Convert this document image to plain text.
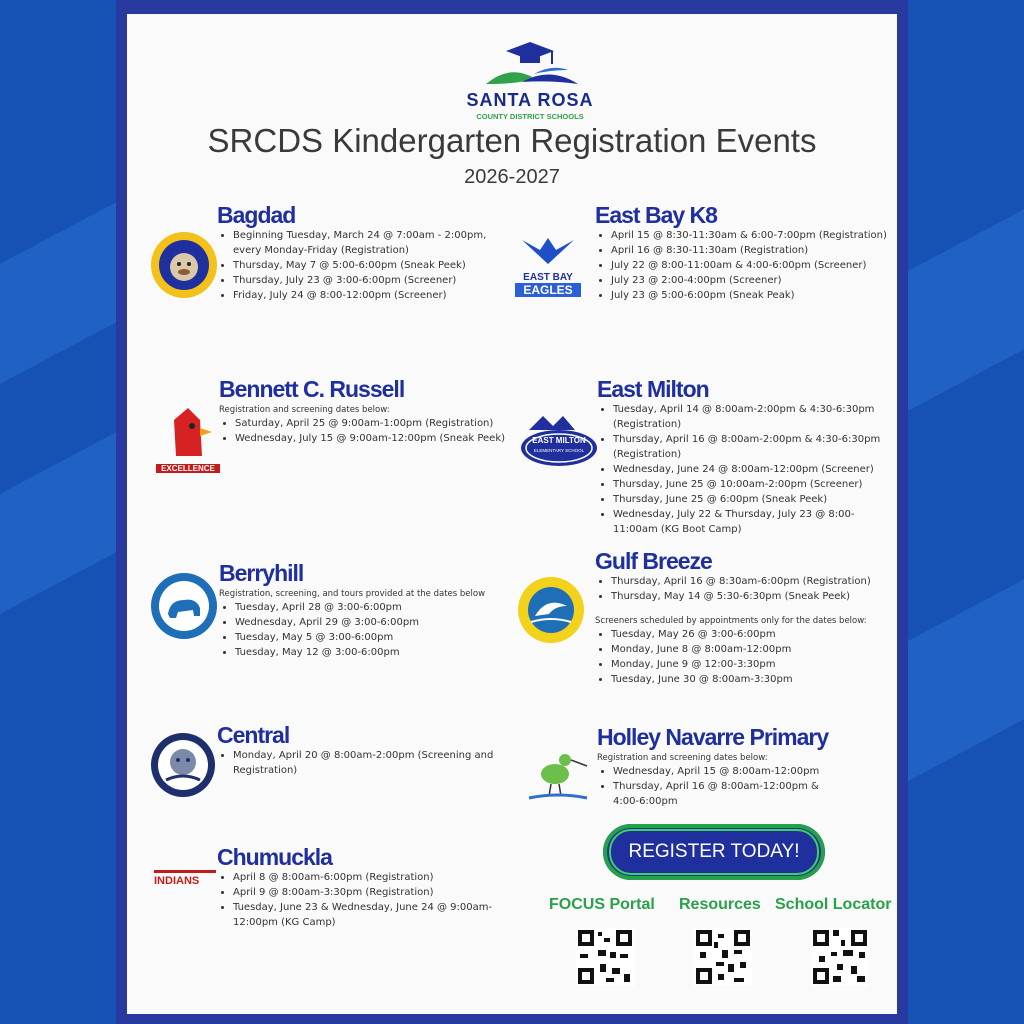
SANTA ROSA
COUNTY DISTRICT SCHOOLS
SRCDS Kindergarten Registration Events
2026-2027
Bagdad
• Beginning Tuesday, March 24 @ 7:00am - 2:00pm, every Monday-Friday (Registration)
• Thursday, May 7 @ 5:00-6:00pm (Sneak Peek)
• Thursday, July 23 @ 3:00-6:00pm (Screener)
• Friday, July 24 @ 8:00-12:00pm (Screener)
EAST BAY
EAGLES
East Bay K8
• April 15 @ 8:30-11:30am & 6:00-7:00pm (Registration)
• April 16 @ 8:30-11:30am (Registration)
• July 22 @ 8:00-11:00am & 4:00-6:00pm (Screener)
• July 23 @ 2:00-4:00pm (Screener)
• July 23 @ 5:00-6:00pm (Sneak Peak)
EXCELLENCE
Bennett C. Russell
Registration and screening dates below:
• Saturday, April 25 @ 9:00am-1:00pm (Registration)
• Wednesday, July 15 @ 9:00am-12:00pm (Sneak Peek)	EAST MILTON
ELEMENTARY SCHOOL
East Milton
• Tuesday, April 14 @ 8:00am-2:00pm & 4:30-6:30pm (Registration)
• Thursday, April 16 @ 8:00am-2:00pm & 4:30-6:30pm (Registration)
• Wednesday, June 24 @ 8:00am-12:00pm (Screener)
• Thursday, June 25 @ 10:00am-2:00pm (Screener)
• Thursday, June 25 @ 6:00pm (Sneak Peek)
• Wednesday, July 22 & Thursday, July 23 @ 8:00-11:00am (KG Boot Camp)
Berryhill
Registration, screening, and tours provided at the dates below
• Tuesday, April 28 @ 3:00-6:00pm
• Wednesday, April 29 @ 3:00-6:00pm
• Tuesday, May 5 @ 3:00-6:00pm
• Tuesday, May 12 @ 3:00-6:00pm
Gulf Breeze
• Thursday, April 16 @ 8:30am-6:00pm (Registration)
• Thursday, May 14 @ 5:30-6:30pm (Sneak Peek)
Screeners scheduled by appointments only for the dates below:
• Tuesday, May 26 @ 3:00-6:00pm
• Monday, June 8 @ 8:00am-12:00pm
• Monday, June 9 @ 12:00-3:30pm
• Tuesday, June 30 @ 8:00am-3:30pm
Central
• Monday, April 20 @ 8:00am-2:00pm (Screening and Registration)
Holley Navarre Primary
Registration and screening dates below:
• Wednesday, April 15 @ 8:00am-12:00pm
• Thursday, April 16 @ 8:00am-12:00pm & 4:00-6:00pm
INDIANS
Chumuckla
• April 8 @ 8:00am-6:00pm (Registration)
• April 9 @ 8:00am-3:30pm (Registration)
• Tuesday, June 23 & Wednesday, June 24 @ 9:00am-12:00pm (KG Camp)
REGISTER TODAY!
FOCUS Portal Resources School Locator
